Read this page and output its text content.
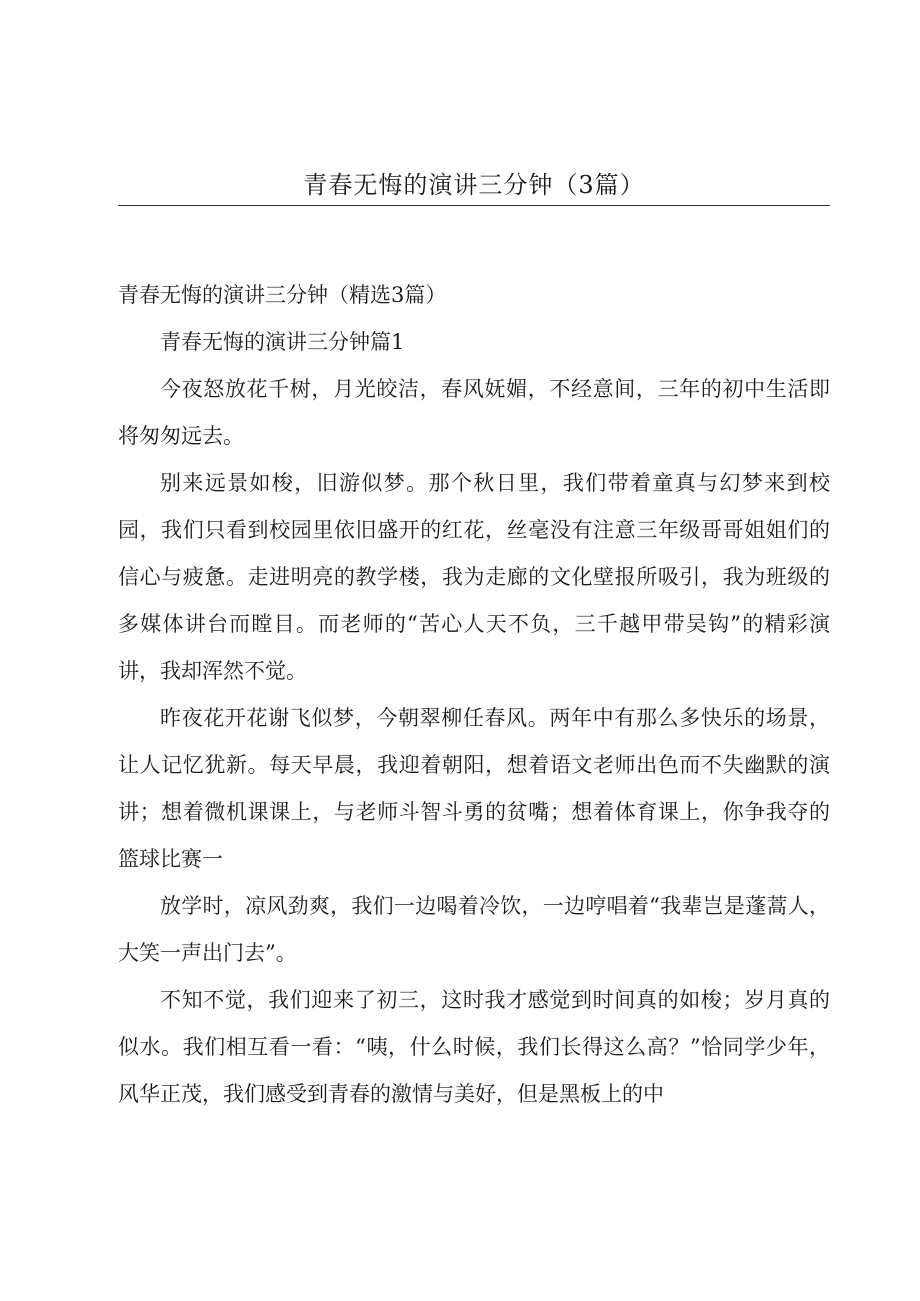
青春无悔的演讲三分钟（3篇）

青春无悔的演讲三分钟（精选3篇）

青春无悔的演讲三分钟篇1

今夜怒放花千树，月光皎洁，春风妩媚，不经意间，三年的初中生活即将匆匆远去。

别来远景如梭，旧游似梦。那个秋日里，我们带着童真与幻梦来到校园，我们只看到校园里依旧盛开的红花，丝毫没有注意三年级哥哥姐姐们的信心与疲惫。走进明亮的教学楼，我为走廊的文化壁报所吸引，我为班级的多媒体讲台而瞠目。而老师的“苦心人天不负，三千越甲带吴钩”的精彩演讲，我却浑然不觉。

昨夜花开花谢飞似梦，今朝翠柳任春风。两年中有那么多快乐的场景，让人记忆犹新。每天早晨，我迎着朝阳，想着语文老师出色而不失幽默的演讲；想着微机课课上，与老师斗智斗勇的贫嘴；想着体育课上，你争我夺的篮球比赛一

放学时，凉风劲爽，我们一边喝着冷饮，一边哼唱着“我辈岂是蓬蒿人，大笑一声出门去”。

不知不觉，我们迎来了初三，这时我才感觉到时间真的如梭；岁月真的似水。我们相互看一看：“咦，什么时候，我们长得这么高？”恰同学少年，风华正茂，我们感受到青春的激情与美好，但是黑板上的中
